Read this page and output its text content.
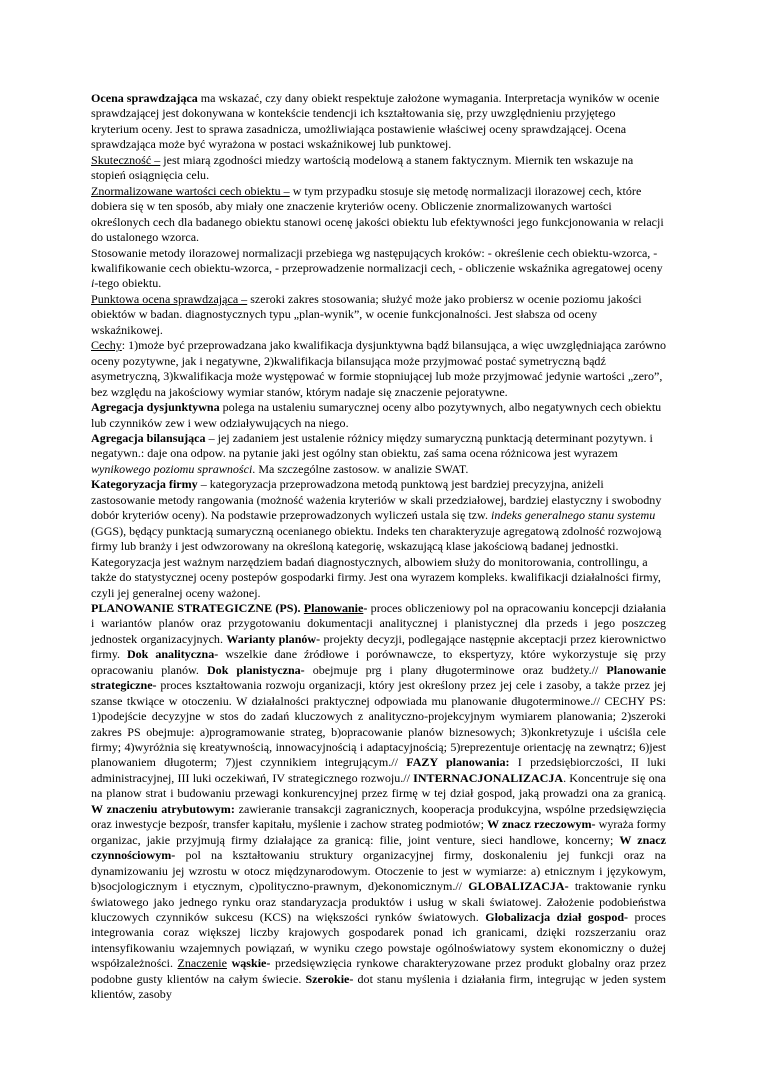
Ocena sprawdzająca ma wskazać, czy dany obiekt respektuje założone wymagania. Interpretacja wyników w ocenie sprawdzającej jest dokonywana w kontekście tendencji ich kształtowania się, przy uwzględnieniu przyjętego kryterium oceny. Jest to sprawa zasadnicza, umożliwiająca postawienie właściwej oceny sprawdzającej. Ocena sprawdzająca może być wyrażona w postaci wskaźnikowej lub punktowej.

Skuteczność – jest miarą zgodności miedzy wartością modelową a stanem faktycznym. Miernik ten wskazuje na stopień osiągnięcia celu.

Znormalizowane wartości cech obiektu – w tym przypadku stosuje się metodę normalizacji ilorazowej cech, które dobiera się w ten sposób, aby miały one znaczenie kryteriów oceny. Obliczenie znormalizowanych wartości określonych cech dla badanego obiektu stanowi ocenę jakości obiektu lub efektywności jego funkcjonowania w relacji do ustalonego wzorca.

Stosowanie metody ilorazowej normalizacji przebiega wg następujących kroków: - określenie cech obiektu-wzorca, - kwalifikowanie cech obiektu-wzorca, - przeprowadzenie normalizacji cech, - obliczenie wskaźnika agregatowej oceny i-tego obiektu.

Punktowa ocena sprawdzająca – szeroki zakres stosowania; służyć może jako probiersz w ocenie poziomu jakości obiektów w badan. diagnostycznych typu „plan-wynik”, w ocenie funkcjonalności. Jest słabsza od oceny wskaźnikowej.

Cechy: 1)może być przeprowadzana jako kwalifikacja dysjunktywna bądź bilansująca, a więc uwzględniająca zarówno oceny pozytywne, jak i negatywne, 2)kwalifikacja bilansująca może przyjmować postać symetryczną bądź asymetryczną, 3)kwalifikacja może występować w formie stopniującej lub może przyjmować jedynie wartości „zero”, bez względu na jakościowy wymiar stanów, którym nadaje się znaczenie pejoratywne.

Agregacja dysjunktywna polega na ustaleniu sumarycznej oceny albo pozytywnych, albo negatywnych cech obiektu lub czynników zew i wew odziaływujących na niego.

Agregacja bilansująca – jej zadaniem jest ustalenie różnicy między sumaryczną punktacją determinant pozytywn. i negatywn.: daje ona odpow. na pytanie jaki jest ogólny stan obiektu, zaś sama ocena różnicowa jest wyrazem wynikowego poziomu sprawności. Ma szczególne zastosow. w analizie SWAT.

Kategoryzacja firmy – kategoryzacja przeprowadzona metodą punktową jest bardziej precyzyjna, aniżeli zastosowanie metody rangowania (możność ważenia kryteriów w skali przedziałowej, bardziej elastyczny i swobodny dobór kryteriów oceny). Na podstawie przeprowadzonych wyliczeń ustala się tzw. indeks generalnego stanu systemu (GGS), będący punktacją sumaryczną ocenianego obiektu. Indeks ten charakteryzuje agregatową zdolność rozwojową firmy lub branży i jest odwzorowany na określoną kategorię, wskazującą klase jakościową badanej jednostki. Kategoryzacja jest ważnym narzędziem badań diagnostycznych, albowiem służy do monitorowania, controllingu, a także do statystycznej oceny postepów gospodarki firmy. Jest ona wyrazem kompleks. kwalifikacji działalności firmy, czyli jej generalnej oceny ważonej.

PLANOWANIE STRATEGICZNE (PS). Planowanie- proces obliczeniowy pol na opracowaniu koncepcji działania i wariantów planów oraz przygotowaniu dokumentacji analitycznej i planistycznej dla przeds i jego poszczeg jednostek organizacyjnych. Warianty planów- projekty decyzji, podlegające następnie akceptacji przez kierownictwo firmy. Dok analityczna- wszelkie dane źródłowe i porównawcze, to ekspertyzy, które wykorzystuje się przy opracowaniu planów. Dok planistyczna- obejmuje prg i plany długoterminowe oraz budżety.// Planowanie strategiczne- proces kształtowania rozwoju organizacji, który jest określony przez jej cele i zasoby, a także przez jej szanse tkwiące w otoczeniu. W działalności praktycznej odpowiada mu planowanie długoterminowe.// CECHY PS: 1)podejście decyzyjne w stos do zadań kluczowych z analityczno-projekcyjnym wymiarem planowania; 2)szeroki zakres PS obejmuje: a)programowanie strateg, b)opracowanie planów biznesowych; 3)konkretyzuje i uściśla cele firmy; 4)wyróżnia się kreatywnością, innowacyjnością i adaptacyjnością; 5)reprezentuje orientację na zewnątrz; 6)jest planowaniem długoterm; 7)jest czynnikiem integrującym.// FAZY planowania: I przedsiębiorczości, II luki administracyjnej, III luki oczekiwań, IV strategicznego rozwoju.// INTERNACJONALIZACJA. Koncentruje się ona na planow strat i budowaniu przewagi konkurencyjnej przez firmę w tej dział gospod, jaką prowadzi ona za granicą. W znaczeniu atrybutowym: zawieranie transakcji zagranicznych, kooperacja produkcyjna, wspólne przedsięwzięcia oraz inwestycje bezpośr, transfer kapitału, myślenie i zachow strateg podmiotów; W znacz rzeczowym- wyraża formy organizac, jakie przyjmują firmy działające za granicą: filie, joint venture, sieci handlowe, koncerny; W znacz czynnościowym- pol na kształtowaniu struktury organizacyjnej firmy, doskonaleniu jej funkcji oraz na dynamizowaniu jej wzrostu w otocz międzynarodowym. Otoczenie to jest w wymiarze: a) etnicznym i językowym, b)socjologicznym i etycznym, c)polityczno-prawnym, d)ekonomicznym.// GLOBALIZACJA- traktowanie rynku światowego jako jednego rynku oraz standaryzacja produktów i usług w skali światowej. Założenie podobieństwa kluczowych czynników sukcesu (KCS) na większości rynków światowych. Globalizacja dział gospod- proces integrowania coraz większej liczby krajowych gospodarek ponad ich granicami, dzięki rozszerzaniu oraz intensyfikowaniu wzajemnych powiązań, w wyniku czego powstaje ogólnoświatowy system ekonomiczny o dużej współzależności. Znaczenie wąskie- przedsięwzięcia rynkowe charakteryzowane przez produkt globalny oraz przez podobne gusty klientów na całym świecie. Szerokie- dot stanu myślenia i działania firm, integrując w jeden system klientów, zasoby
